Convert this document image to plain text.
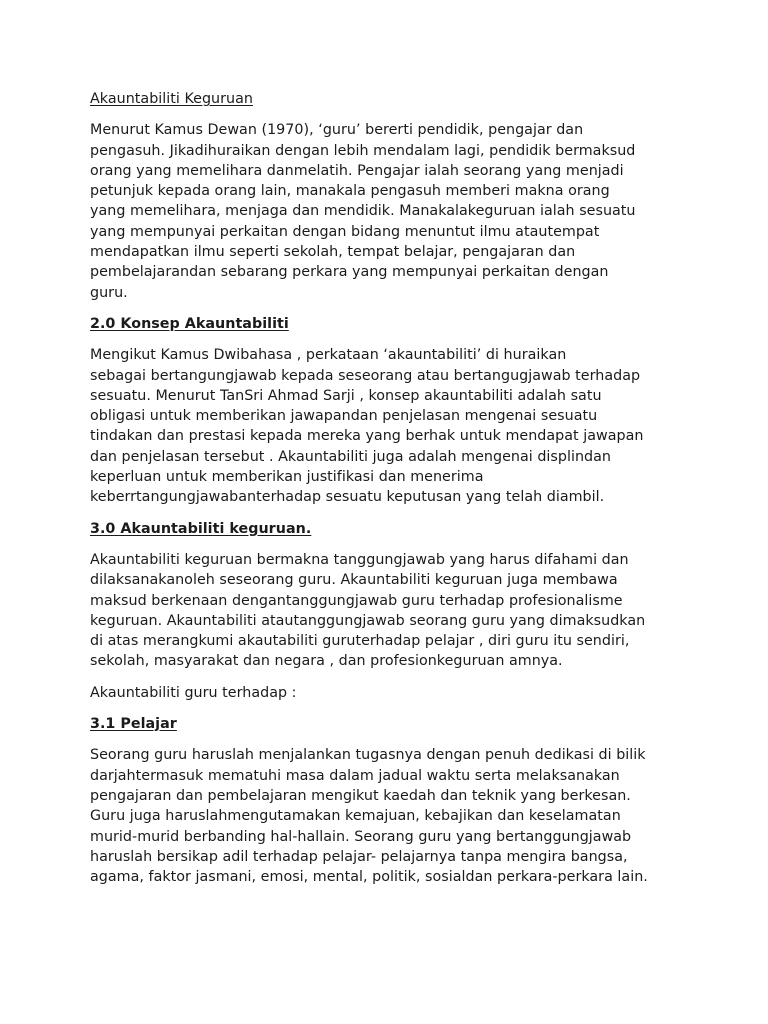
Akauntabiliti Keguruan
Menurut Kamus Dewan (1970), ‘guru’ bererti pendidik, pengajar dan
pengasuh. Jikadihuraikan dengan lebih mendalam lagi, pendidik bermaksud
orang yang memelihara danmelatih. Pengajar ialah seorang yang menjadi
petunjuk kepada orang lain, manakala pengasuh memberi makna orang
yang memelihara, menjaga dan mendidik. Manakalakeguruan ialah sesuatu
yang mempunyai perkaitan dengan bidang menuntut ilmu atautempat
mendapatkan ilmu seperti sekolah, tempat belajar, pengajaran dan
pembelajarandan sebarang perkara yang mempunyai perkaitan dengan
guru.
2.0 Konsep Akauntabiliti
Mengikut Kamus Dwibahasa , perkataan ‘akauntabiliti’ di huraikan
sebagai bertangungjawab kepada seseorang atau bertangugjawab terhadap
sesuatu. Menurut TanSri Ahmad Sarji , konsep akauntabiliti adalah satu
obligasi untuk memberikan jawapandan penjelasan mengenai sesuatu
tindakan dan prestasi kepada mereka yang berhak untuk mendapat jawapan
dan penjelasan tersebut . Akauntabiliti juga adalah mengenai displindan
keperluan untuk memberikan justifikasi dan menerima
keberrtangungjawabanterhadap sesuatu keputusan yang telah diambil.
3.0 Akauntabiliti keguruan.
Akauntabiliti keguruan bermakna tanggungjawab yang harus difahami dan
dilaksanakanoleh seseorang guru. Akauntabiliti keguruan juga membawa
maksud berkenaan dengantanggungjawab guru terhadap profesionalisme
keguruan. Akauntabiliti atautanggungjawab seorang guru yang dimaksudkan
di atas merangkumi akautabiliti guruterhadap pelajar , diri guru itu sendiri,
sekolah, masyarakat dan negara , dan profesionkeguruan amnya.
Akauntabiliti guru terhadap :
3.1 Pelajar
Seorang guru haruslah menjalankan tugasnya dengan penuh dedikasi di bilik
darjahtermasuk mematuhi masa dalam jadual waktu serta melaksanakan
pengajaran dan pembelajaran mengikut kaedah dan teknik yang berkesan.
Guru juga haruslahmengutamakan kemajuan, kebajikan dan keselamatan
murid-murid berbanding hal-hallain. Seorang guru yang bertanggungjawab
haruslah bersikap adil terhadap pelajar- pelajarnya tanpa mengira bangsa,
agama, faktor jasmani, emosi, mental, politik, sosialdan perkara-perkara lain.
